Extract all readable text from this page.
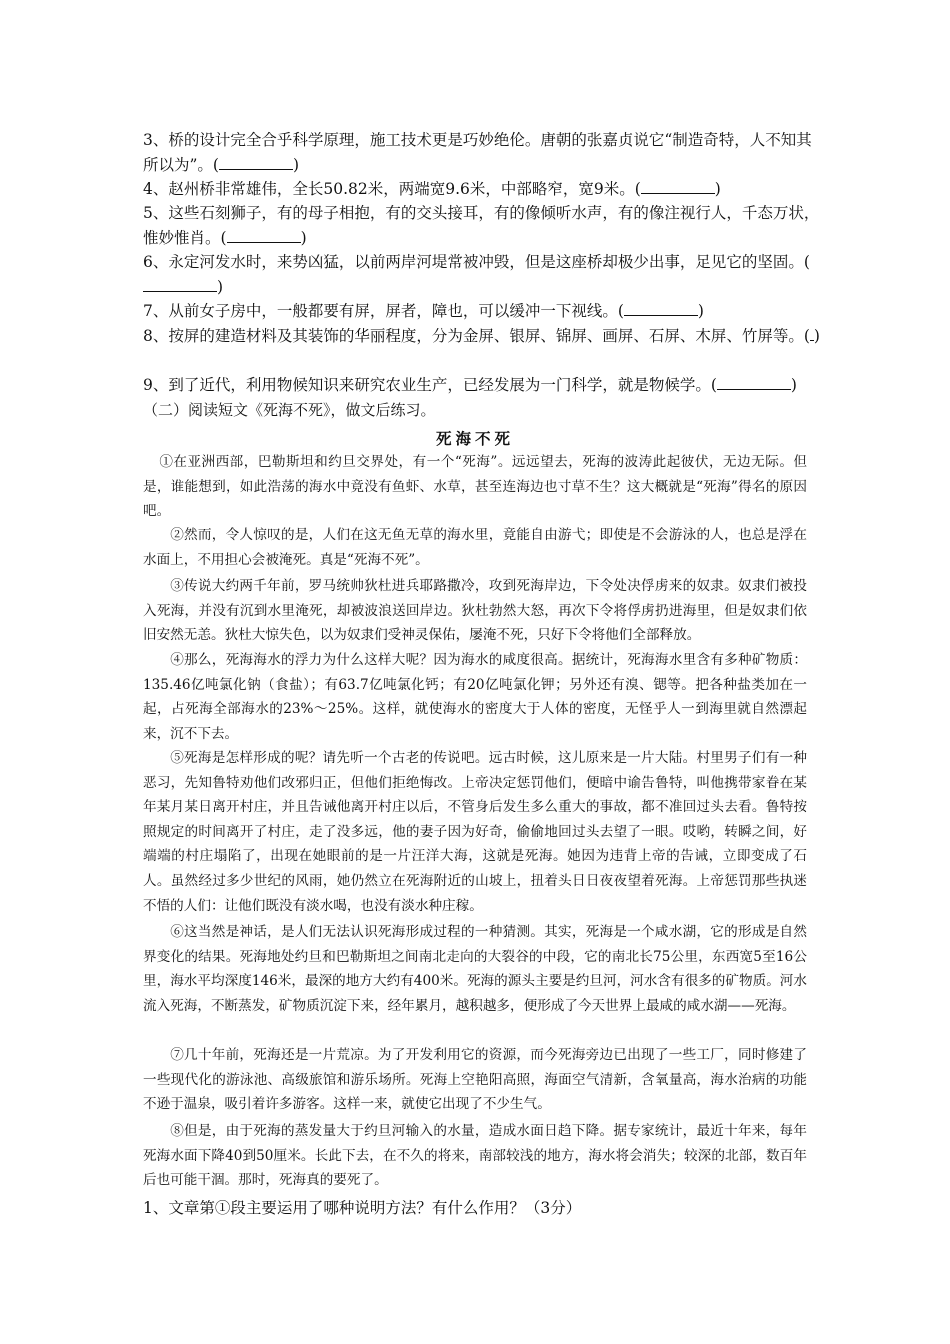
3、桥的设计完全合乎科学原理，施工技术更是巧妙绝伦。唐朝的张嘉贞说它“制造奇特，人不知其所以为”。(	)

4、赵州桥非常雄伟，全长50.82米，两端宽9.6米，中部略窄，宽9米。(	)

5、这些石刻狮子，有的母子相抱，有的交头接耳，有的像倾听水声，有的像注视行人，千态万状，惟妙惟肖。(	)

6、永定河发水时，来势凶猛，以前两岸河堤常被冲毁，但是这座桥却极少出事，足见它的坚固。()

7、从前女子房中，一般都要有屏，屏者，障也，可以缓冲一下视线。(	)

8、按屏的建造材料及其装饰的华丽程度，分为金屏、银屏、锦屏、画屏、石屏、木屏、竹屏等。( )

9、到了近代，利用物候知识来研究农业生产，已经发展为一门科学，就是物候学。(	)

（二）阅读短文《死海不死》，做文后练习。

死海不死

①在亚洲西部，巴勒斯坦和约旦交界处，有一个“死海”。远远望去，死海的波涛此起彼伏，无边无际。但是，谁能想到，如此浩荡的海水中竟没有鱼虾、水草，甚至连海边也寸草不生？这大概就是“死海”得名的原因吧。

②然而，令人惊叹的是，人们在这无鱼无草的海水里，竟能自由游弋；即使是不会游泳的人，也总是浮在水面上，不用担心会被淹死。真是“死海不死”。

③传说大约两千年前，罗马统帅狄杜进兵耶路撒冷，攻到死海岸边，下令处决俘虏来的奴隶。奴隶们被投入死海，并没有沉到水里淹死，却被波浪送回岸边。狄杜勃然大怒，再次下令将俘虏扔进海里，但是奴隶们依旧安然无恙。狄杜大惊失色，以为奴隶们受神灵保佑，屡淹不死，只好下令将他们全部释放。

④那么，死海海水的浮力为什么这样大呢？因为海水的咸度很高。据统计，死海海水里含有多种矿物质：135.46亿吨氯化钠（食盐）；有63.7亿吨氯化钙；有20亿吨氯化钾；另外还有溴、锶等。把各种盐类加在一起，占死海全部海水的23%～25%。这样，就使海水的密度大于人体的密度，无怪乎人一到海里就自然漂起来，沉不下去。

⑤死海是怎样形成的呢？请先听一个古老的传说吧。远古时候，这儿原来是一片大陆。村里男子们有一种恶习，先知鲁特劝他们改邪归正，但他们拒绝悔改。上帝决定惩罚他们，便暗中谕告鲁特，叫他携带家眷在某年某月某日离开村庄，并且告诫他离开村庄以后，不管身后发生多么重大的事故，都不准回过头去看。鲁特按照规定的时间离开了村庄，走了没多远，他的妻子因为好奇，偷偷地回过头去望了一眼。哎哟，转瞬之间，好端端的村庄塌陷了，出现在她眼前的是一片汪洋大海，这就是死海。她因为违背上帝的告诫，立即变成了石人。虽然经过多少世纪的风雨，她仍然立在死海附近的山坡上，扭着头日日夜夜望着死海。上帝惩罚那些执迷不悟的人们：让他们既没有淡水喝，也没有淡水种庄稼。

⑥这当然是神话，是人们无法认识死海形成过程的一种猜测。其实，死海是一个咸水湖，它的形成是自然界变化的结果。死海地处约旦和巴勒斯坦之间南北走向的大裂谷的中段，它的南北长75公里，东西宽5至16公里，海水平均深度146米，最深的地方大约有400米。死海的源头主要是约旦河，河水含有很多的矿物质。河水流入死海，不断蒸发，矿物质沉淀下来，经年累月，越积越多，便形成了今天世界上最咸的咸水湖——死海。

⑦几十年前，死海还是一片荒凉。为了开发利用它的资源，而今死海旁边已出现了一些工厂，同时修建了一些现代化的游泳池、高级旅馆和游乐场所。死海上空艳阳高照，海面空气清新，含氧量高，海水治病的功能不逊于温泉，吸引着许多游客。这样一来，就使它出现了不少生气。

⑧但是，由于死海的蒸发量大于约旦河输入的水量，造成水面日趋下降。据专家统计，最近十年来，每年死海水面下降40到50厘米。长此下去，在不久的将来，南部较浅的地方，海水将会消失；较深的北部，数百年后也可能干涸。那时，死海真的要死了。

1、文章第①段主要运用了哪种说明方法？有什么作用？（3分）
